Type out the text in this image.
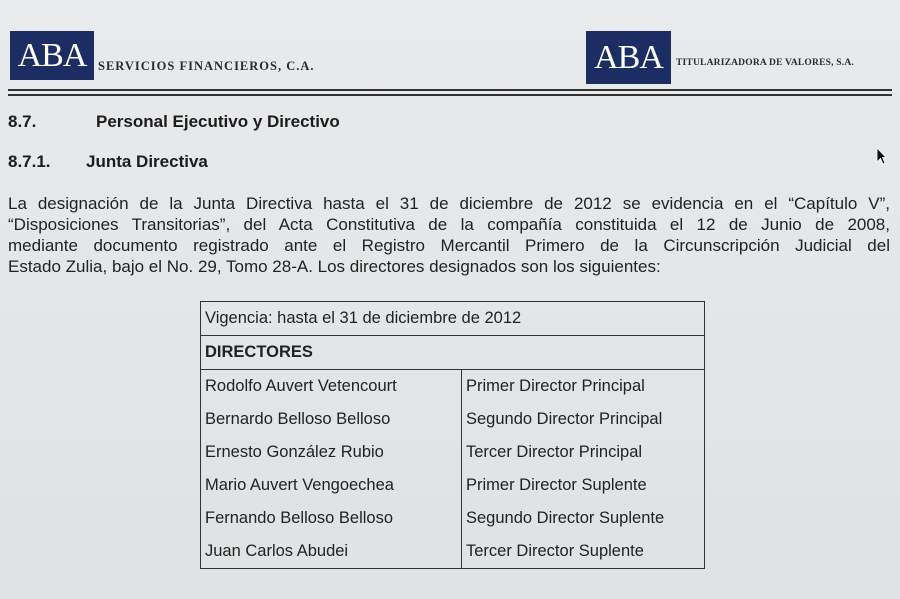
ABA SERVICIOS FINANCIEROS, C.A.	ABA TITULARIZADORA DE VALORES, S.A.
8.7.	Personal Ejecutivo y Directivo
8.7.1. Junta Directiva
La designación de la Junta Directiva hasta el 31 de diciembre de 2012 se evidencia en el “Capítulo V”,
“Disposiciones Transitorias”, del Acta Constitutiva de la compañía constituida el 12 de Junio de 2008,
mediante documento registrado ante el Registro Mercantil Primero de la Circunscripción Judicial del
Estado Zulia, bajo el No. 29, Tomo 28-A. Los directores designados son los siguientes:
Vigencia: hasta el 31 de diciembre de 2012	
DIRECTORES	
Rodolfo Auvert Vetencourt	Primer Director Principal
Bernardo Belloso Belloso	Segundo Director Principal
Ernesto González Rubio	Tercer Director Principal
Mario Auvert Vengoechea	Primer Director Suplente
Fernando Belloso Belloso	Segundo Director Suplente
Juan Carlos Abudei	Tercer Director Suplente
